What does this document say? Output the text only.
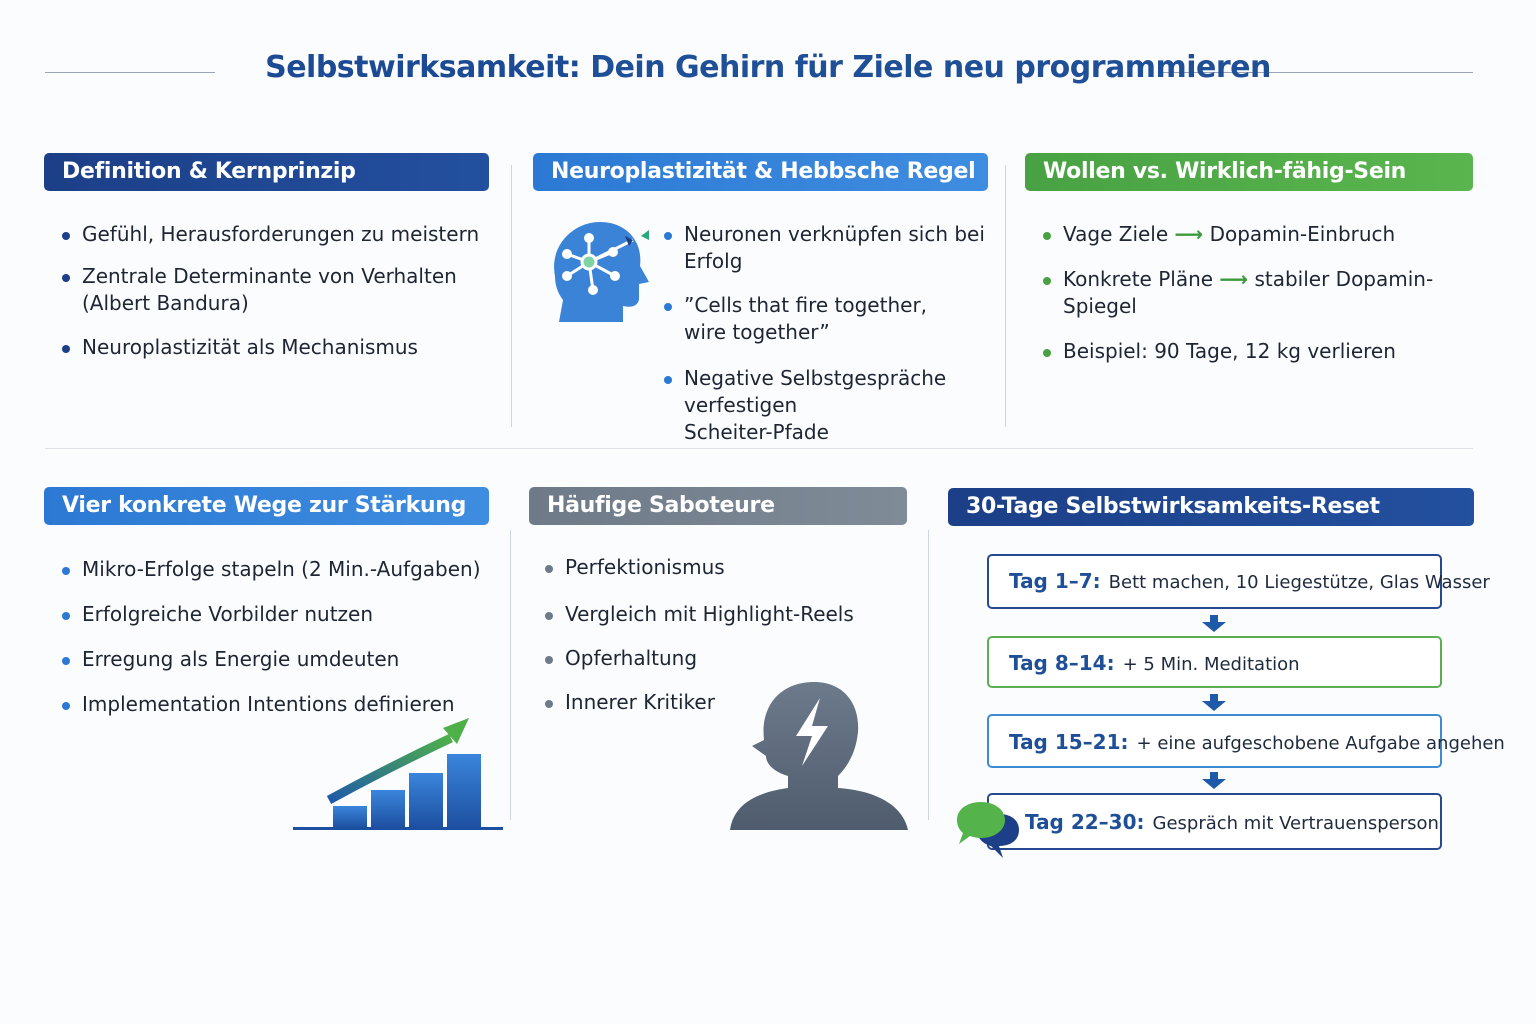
Selbstwirksamkeit: Dein Gehirn für Ziele neu programmieren
Definition & Kernprinzip
Gefühl, Herausforderungen zu meistern
Zentrale Determinante von Verhalten
(Albert Bandura)
Neuroplastizität als Mechanismus
Neuroplastizität & Hebbsche Regel
Neuronen verknüpfen sich bei Erfolg
”Cells that fire together,
wire together”
Negative Selbstgespräche verfestigen
Scheiter-Pfade
Wollen vs. Wirklich-fähig-Sein
Vage Ziele ⟶ Dopamin-Einbruch
Konkrete Pläne ⟶ stabiler Dopamin-Spiegel
Beispiel: 90 Tage, 12 kg verlieren
Vier konkrete Wege zur Stärkung
Mikro-Erfolge stapeln (2 Min.-Aufgaben)
Erfolgreiche Vorbilder nutzen
Erregung als Energie umdeuten
Implementation Intentions definieren
Häufige Saboteure
Perfektionismus
Vergleich mit Highlight-Reels
Opferhaltung
Innerer Kritiker
30-Tage Selbstwirksamkeits-Reset
Tag 1–7: Bett machen, 10 Liegestütze, Glas Wasser
Tag 8–14: + 5 Min. Meditation
Tag 15–21: + eine aufgeschobene Aufgabe angehen
Tag 22–30: Gespräch mit Vertrauensperson
